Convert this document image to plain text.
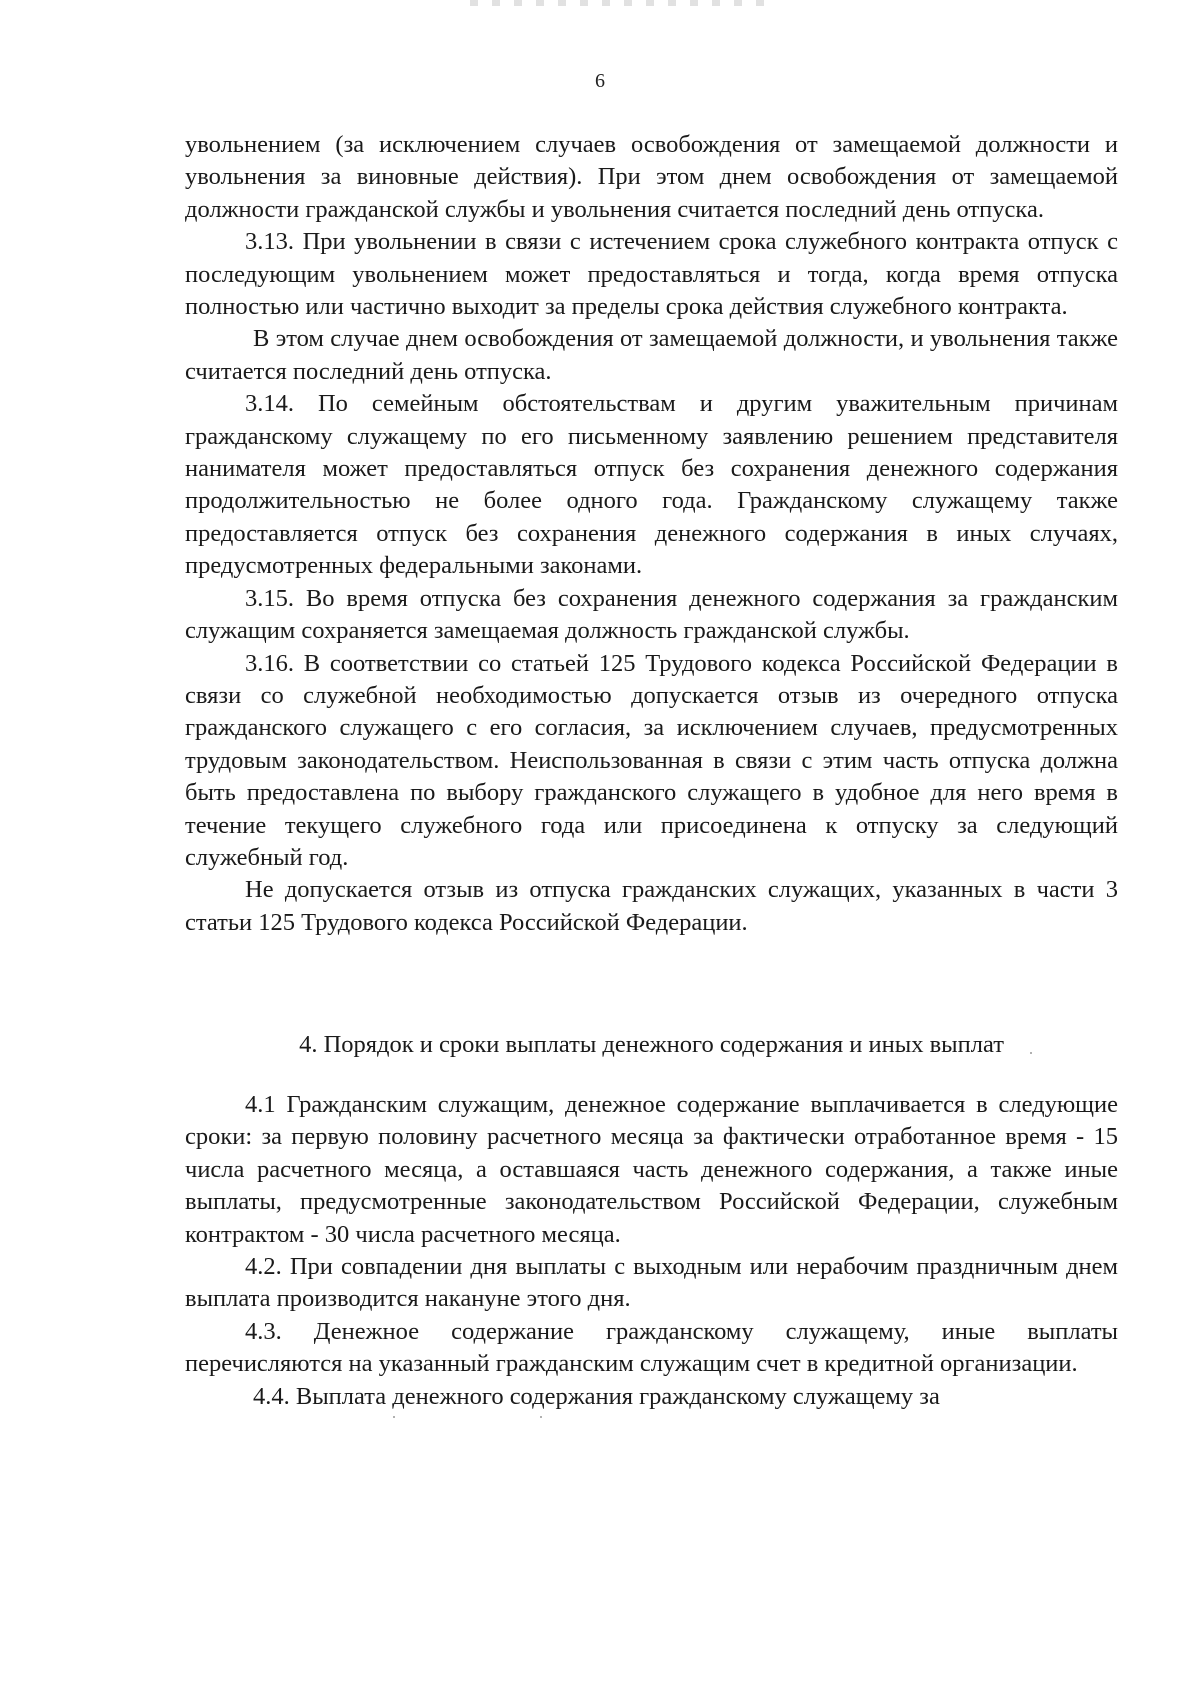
6

увольнением (за исключением случаев освобождения от замещаемой должности и увольнения за виновные действия). При этом днем освобождения от замещаемой должности гражданской службы и увольнения считается последний день отпуска.

3.13. При увольнении в связи с истечением срока служебного контракта отпуск с последующим увольнением может предоставляться и тогда, когда время отпуска полностью или частично выходит за пределы срока действия служебного контракта.

В этом случае днем освобождения от замещаемой должности, и увольнения также считается последний день отпуска.

3.14. По семейным обстоятельствам и другим уважительным причинам гражданскому служащему по его письменному заявлению решением представителя нанимателя может предоставляться отпуск без сохранения денежного содержания продолжительностью не более одного года. Гражданскому служащему также предоставляется отпуск без сохранения денежного содержания в иных случаях, предусмотренных федеральными законами.

3.15. Во время отпуска без сохранения денежного содержания за гражданским служащим сохраняется замещаемая должность гражданской службы.

3.16. В соответствии со статьей 125 Трудового кодекса Российской Федерации в связи со служебной необходимостью допускается отзыв из очередного отпуска гражданского служащего с его согласия, за исключением случаев, предусмотренных трудовым законодательством. Неиспользованная в связи с этим часть отпуска должна быть предоставлена по выбору гражданского служащего в удобное для него время в течение текущего служебного года или присоединена к отпуску за следующий служебный год.

Не допускается отзыв из отпуска гражданских служащих, указанных в части 3 статьи 125 Трудового кодекса Российской Федерации.

4. Порядок и сроки выплаты денежного содержания и иных выплат

4.1 Гражданским служащим, денежное содержание выплачивается в следующие сроки: за первую половину расчетного месяца за фактически отработанное время - 15 числа расчетного месяца, а оставшаяся часть денежного содержания, а также иные выплаты, предусмотренные законодательством Российской Федерации, служебным контрактом - 30 числа расчетного месяца.

4.2. При совпадении дня выплаты с выходным или нерабочим праздничным днем выплата производится накануне этого дня.

4.3. Денежное содержание гражданскому служащему, иные выплаты перечисляются на указанный гражданским служащим счет в кредитной организации.

4.4. Выплата денежного содержания гражданскому служащему за
